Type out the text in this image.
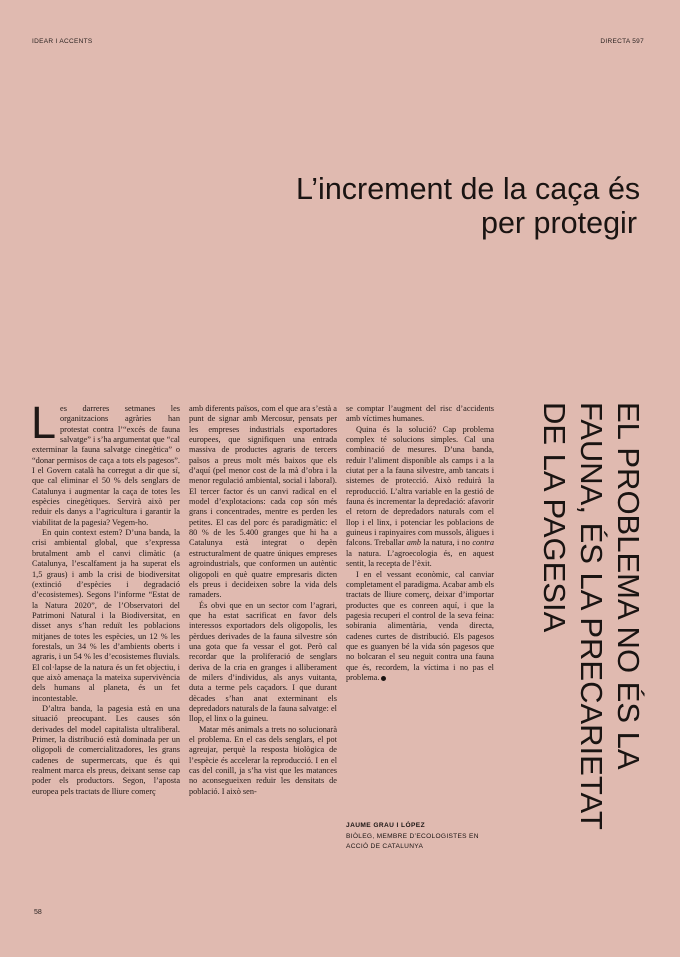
IDEAR I ACCENTS	DIRECTA 597
L’increment de la caça és
per protegir

Les darreres setmanes les organitzacions agràries han protestat contra l’“excés de fauna salvatge” i s’ha argumentat que “cal exterminar la fauna salvatge cinegètica” o “donar permisos de caça a tots els pagesos”. I el Govern català ha corregut a dir que sí, que cal eliminar el 50 % dels senglars de Catalunya i augmentar la caça de totes les espècies cinegètiques. Servirà això per reduir els danys a l’agricultura i garantir la viabilitat de la pagesia? Vegem-ho.

En quin context estem? D’una banda, la crisi ambiental global, que s’expressa brutalment amb el canvi climàtic (a Catalunya, l’escalfament ja ha superat els 1,5 graus) i amb la crisi de biodiversitat (extinció d’espècies i degradació d’ecosistemes). Segons l’informe “Estat de la Natura 2020”, de l’Observatori del Patrimoni Natural i la Biodiversitat, en disset anys s’han reduït les poblacions mitjanes de totes les espècies, un 12 % les forestals, un 34 % les d’ambients oberts i agraris, i un 54 % les d’ecosistemes fluvials. El col·lapse de la natura és un fet objectiu, i que això amenaça la mateixa supervivència dels humans al planeta, és un fet incontestable.

D’altra banda, la pagesia està en una situació preocupant. Les causes són derivades del model capitalista ultraliberal. Primer, la distribució està dominada per un oligopoli de comercialitzadores, les grans cadenes de supermercats, que és qui realment marca els preus, deixant sense cap poder els productors. Segon, l’aposta europea pels tractats de lliure comerç

amb diferents països, com el que ara s’està a punt de signar amb Mercosur, pensats per les empreses industrials exportadores europees, que signifiquen una entrada massiva de productes agraris de tercers països a preus molt més baixos que els d’aquí (pel menor cost de la mà d’obra i la menor regulació ambiental, social i laboral). El tercer factor és un canvi radical en el model d’explotacions: cada cop són més grans i concentrades, mentre es perden les petites. El cas del porc és paradigmàtic: el 80 % de les 5.400 granges que hi ha a Catalunya està integrat o depèn estructuralment de quatre úniques empreses agroindustrials, que conformen un autèntic oligopoli en què quatre empresaris dicten els preus i decideixen sobre la vida dels ramaders.

És obvi que en un sector com l’agrari, que ha estat sacrificat en favor dels interessos exportadors dels oligopolis, les pèrdues derivades de la fauna silvestre són una gota que fa vessar el got. Però cal recordar que la proliferació de senglars deriva de la cria en granges i alliberament de milers d’individus, als anys vuitanta, duta a terme pels caçadors. I que durant dècades s’han anat exterminant els depredadors naturals de la fauna salvatge: el llop, el linx o la guineu.

Matar més animals a trets no solucionarà el problema. En el cas dels senglars, el pot agreujar, perquè la resposta biològica de l’espècie és accelerar la reproducció. I en el cas del conill, ja s’ha vist que les matances no aconsegueixen reduir les densitats de població. I això sen-

se comptar l’augment del risc d’accidents amb víctimes humanes.

Quina és la solució? Cap problema complex té solucions simples. Cal una combinació de mesures. D’una banda, reduir l’aliment disponible als camps i a la ciutat per a la fauna silvestre, amb tancats i sistemes de protecció. Això reduirà la reproducció. L’altra variable en la gestió de fauna és incrementar la depredació: afavorir el retorn de depredadors naturals com el llop i el linx, i potenciar les poblacions de guineus i rapinyaires com mussols, àligues i falcons. Treballar amb la natura, i no contra la natura. L’agroecologia és, en aquest sentit, la recepta de l’èxit.

I en el vessant econòmic, cal canviar completament el paradigma. Acabar amb els tractats de lliure comerç, deixar d’importar productes que es conreen aquí, i que la pagesia recuperi el control de la seva feina: sobirania alimentària, venda directa, cadenes curtes de distribució. Els pagesos que es guanyen bé la vida són pagesos que no bolcaran el seu neguit contra una fauna que és, recordem, la víctima i no pas el problema.

JAUME GRAU I LÓPEZ
BIÒLEG, MEMBRE D’ECOLOGISTES EN ACCIÓ DE CATALUNYA
EL PROBLEMA NO ÉS LA
FAUNA, ÉS LA PRECARIETAT
DE LA PAGESIA
58
